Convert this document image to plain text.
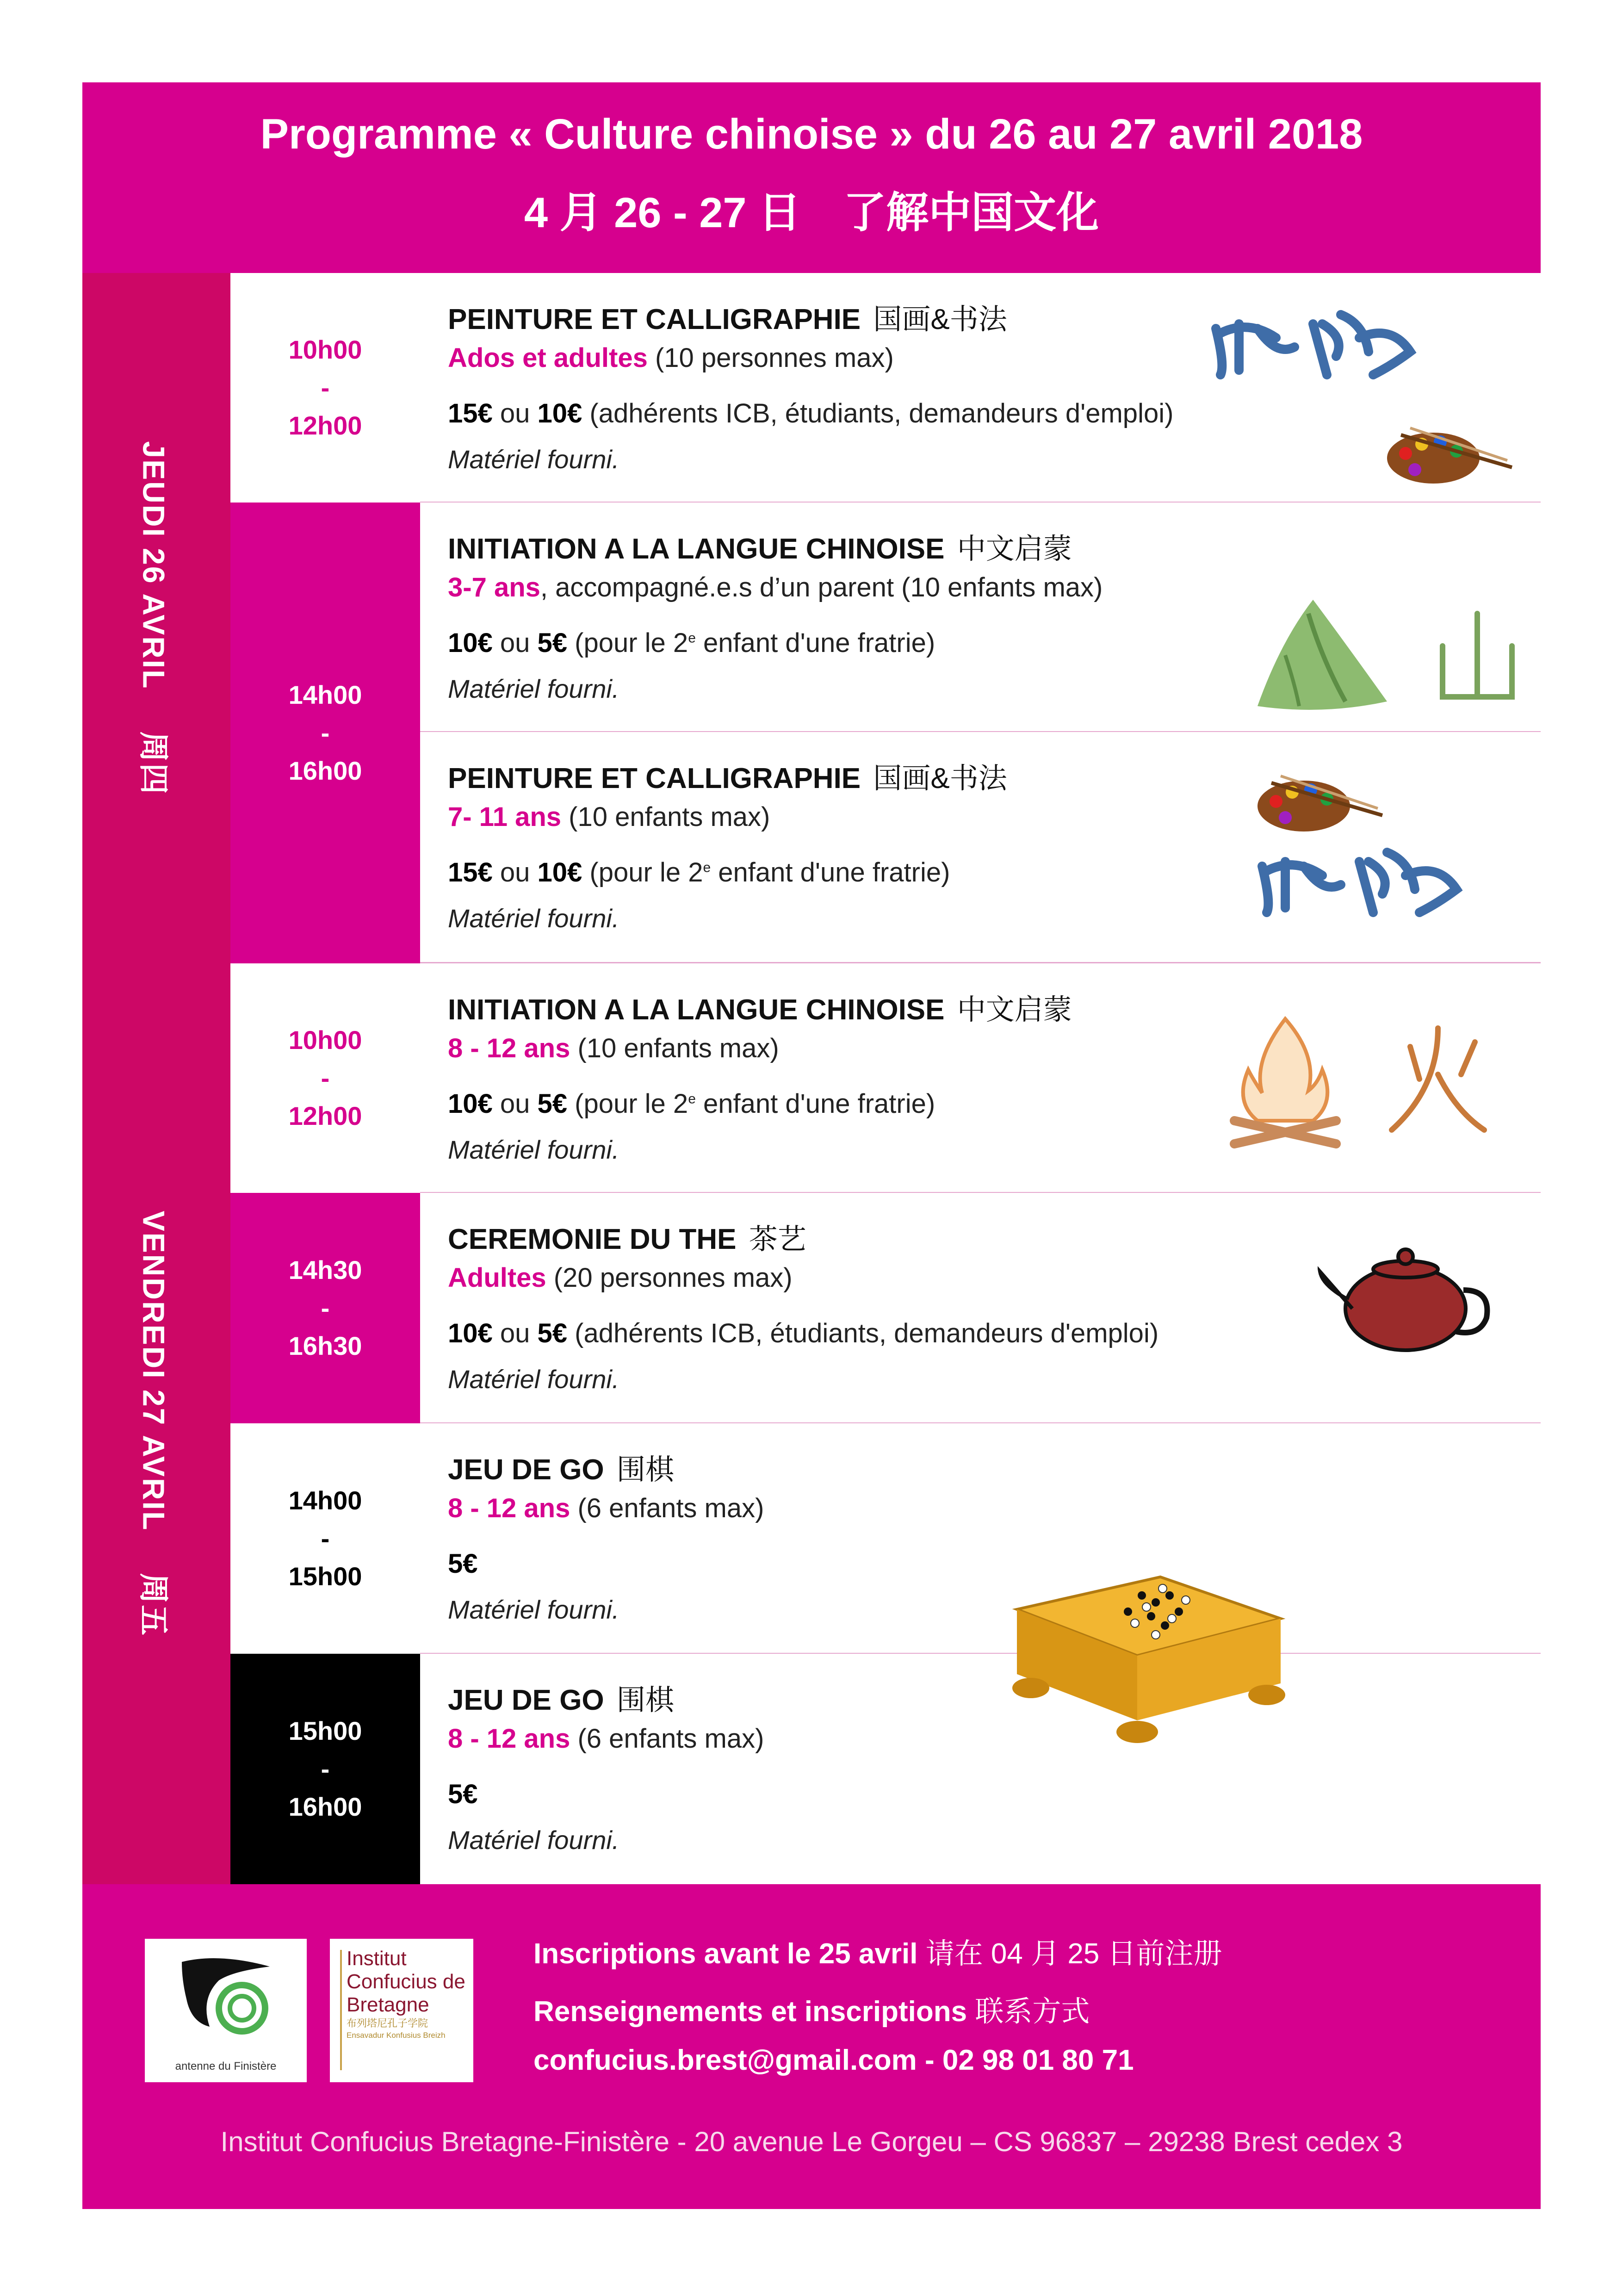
Programme « Culture chinoise » du 26 au 27 avril 2018
4 月 26 - 27 日　了解中国文化
JEUDI 26 AVRIL周四
VENDREDI 27 AVRIL周五
10h00
-
12h00
14h00
-
16h00
10h00
-
12h00
14h30
-
16h30
14h00
-
15h00
15h00
-
16h00
PEINTURE ET CALLIGRAPHIE 国画&书法
Ados et adultes (10 personnes max)
15€ ou 10€ (adhérents ICB, étudiants, demandeurs d'emploi)
Matériel fourni.
INITIATION A LA LANGUE CHINOISE 中文启蒙
3-7 ans, accompagné.e.s d’un parent (10 enfants max)
10€ ou 5€ (pour le 2e enfant d'une fratrie)
Matériel fourni.
PEINTURE ET CALLIGRAPHIE 国画&书法
7- 11 ans (10 enfants max)
15€ ou 10€ (pour le 2e enfant d'une fratrie)
Matériel fourni.
INITIATION A LA LANGUE CHINOISE 中文启蒙
8 - 12 ans (10 enfants max)
10€ ou 5€ (pour le 2e enfant d'une fratrie)
Matériel fourni.
CEREMONIE DU THE 茶艺
Adultes (20 personnes max)
10€ ou 5€ (adhérents ICB, étudiants, demandeurs d'emploi)
Matériel fourni.
JEU DE GO 围棋
8 - 12 ans (6 enfants max)
5€
Matériel fourni.
JEU DE GO 围棋
8 - 12 ans (6 enfants max)
5€
Matériel fourni.
antenne du Finistère
Institut
Confucius de
Bretagne
布列塔尼孔子学院
Ensavadur Konfusius Breizh
Inscriptions avant le 25 avril 请在 04 月 25 日前注册
Renseignements et inscriptions 联系方式
confucius.brest@gmail.com - 02 98 01 80 71
Institut Confucius Bretagne-Finistère - 20 avenue Le Gorgeu – CS 96837 – 29238 Brest cedex 3
